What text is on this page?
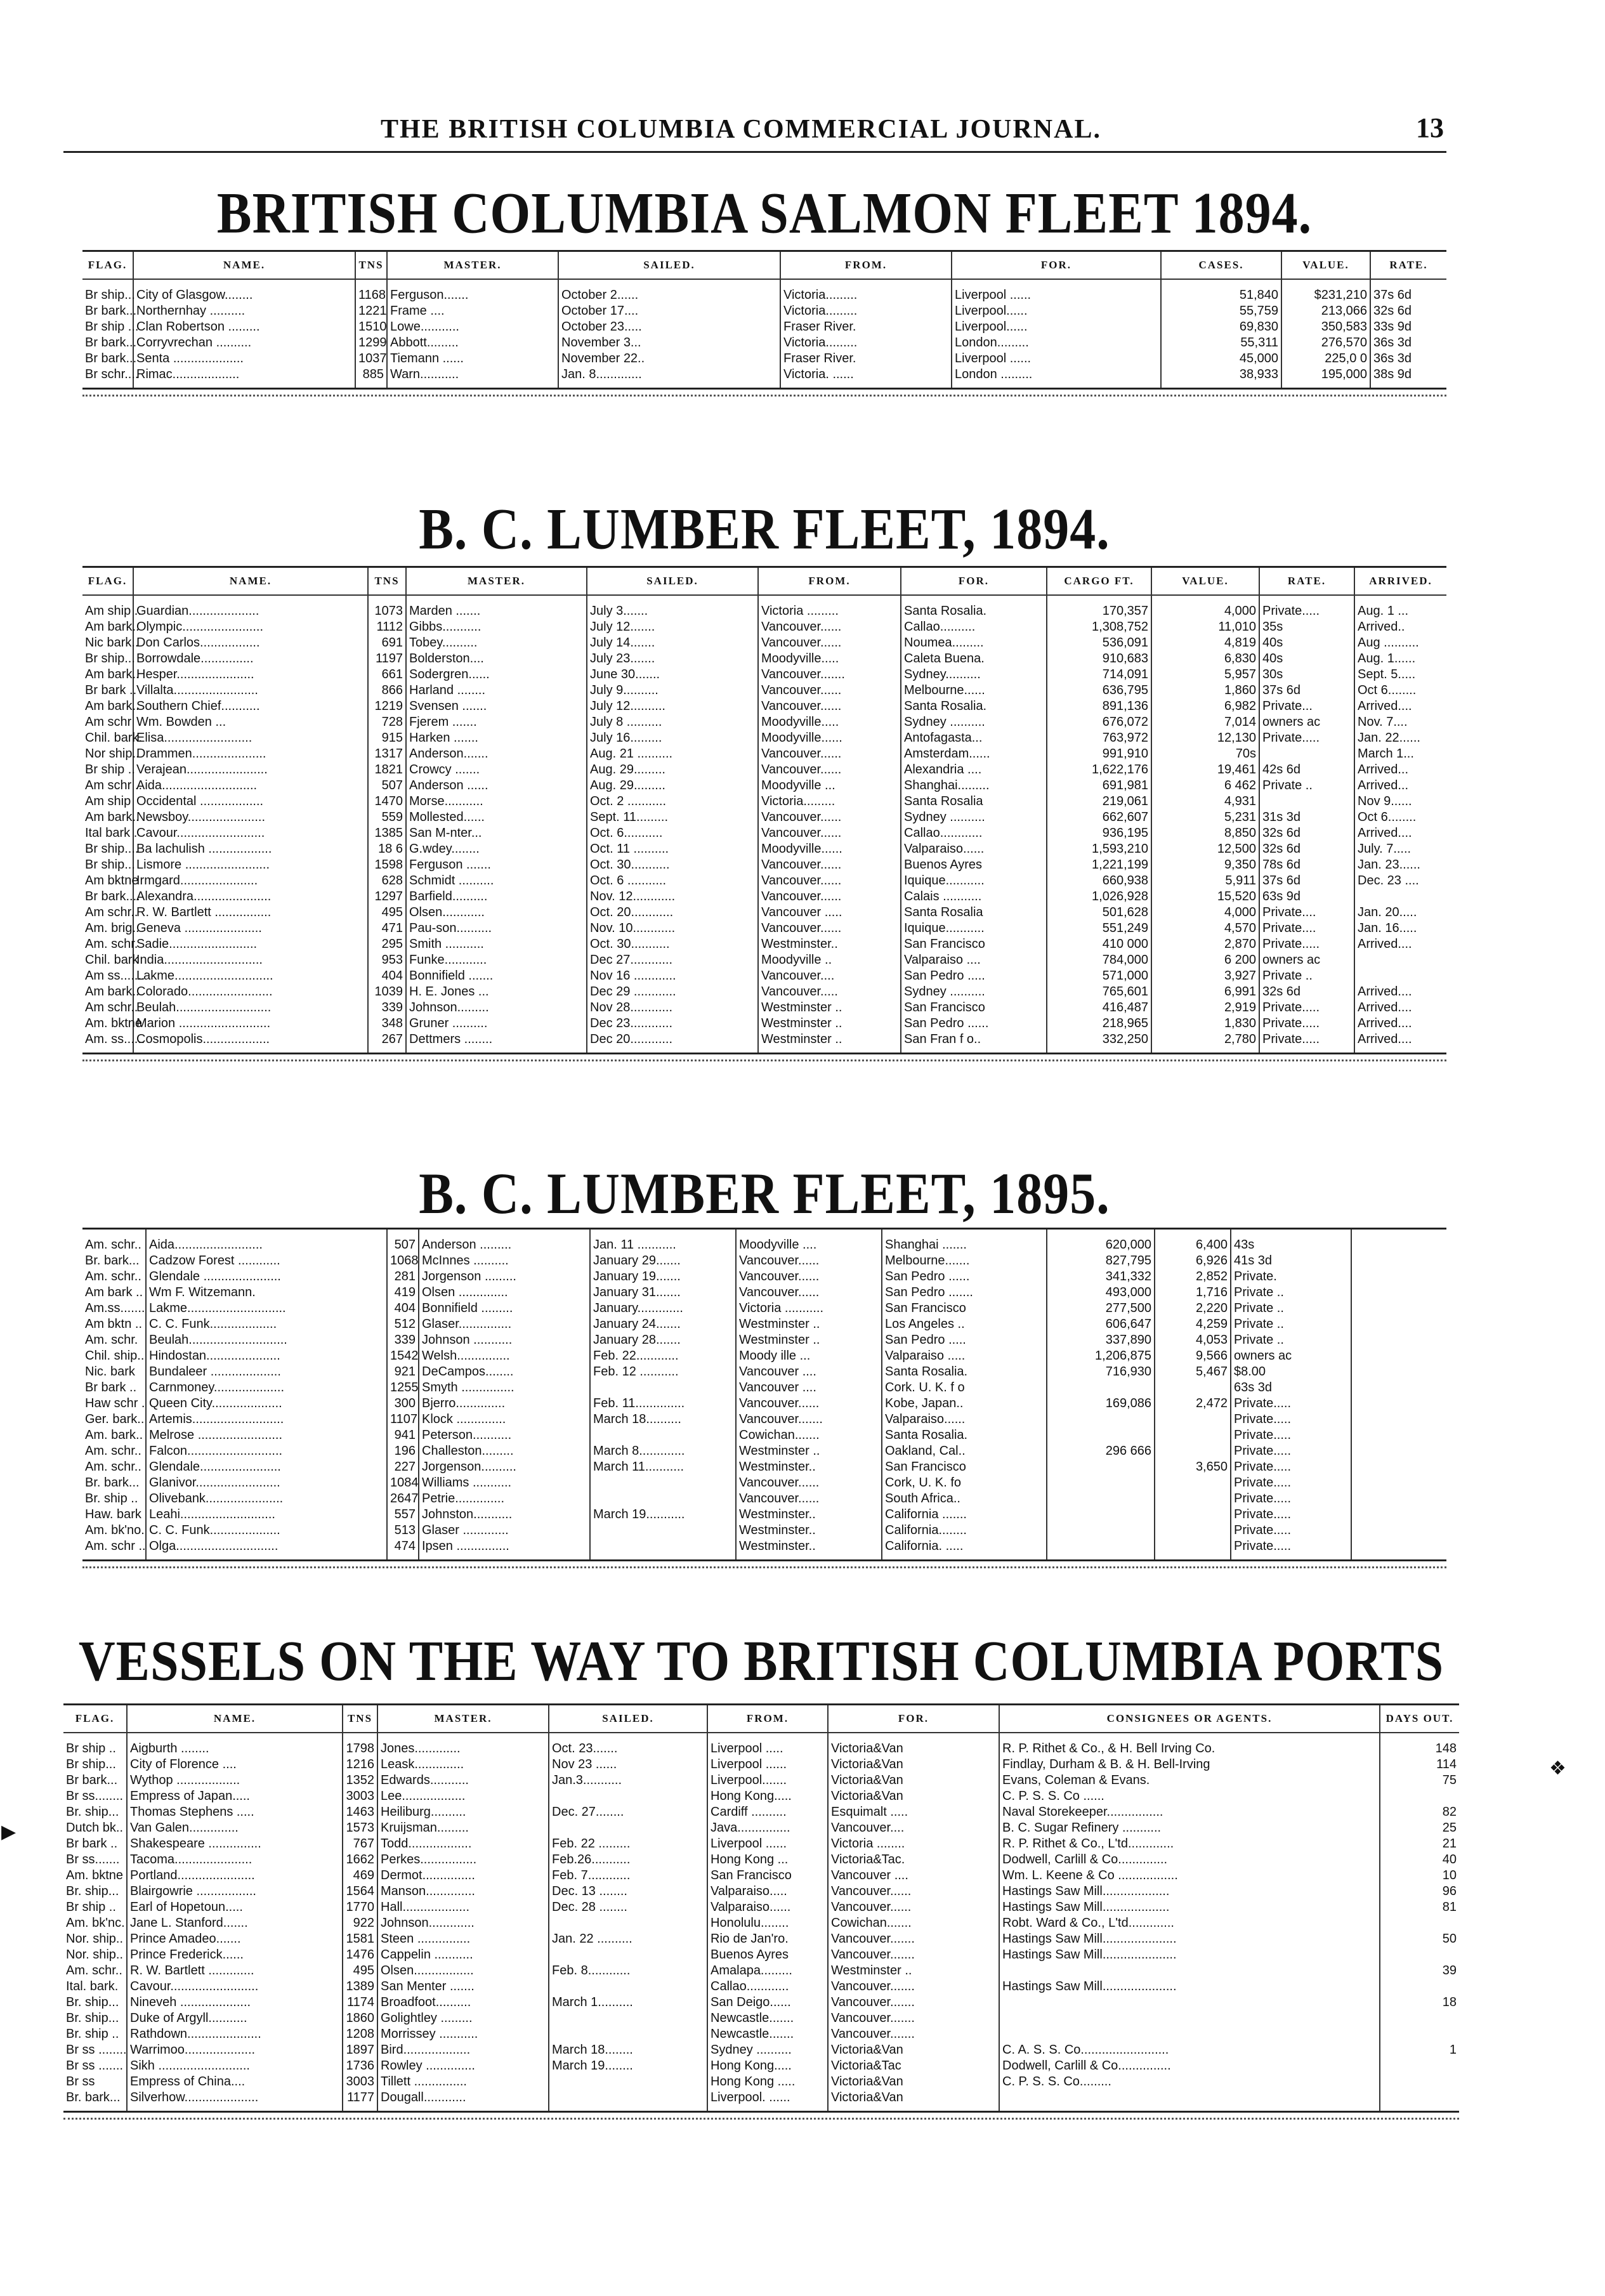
THE BRITISH COLUMBIA COMMERCIAL JOURNAL.	13
❖
▶
BRITISH COLUMBIA SALMON FLEET 1894.
FLAG.	NAME.	TNS	MASTER.	SAILED.	FROM.	FOR.	CASES.	VALUE.	RATE.
Br ship...	City of Glasgow........	1168	Ferguson.......	October 2......	Victoria.........	Liverpool ......	51,840	$231,210	37s 6d
Br bark...	Northernhay ..........	1221	Frame ....	October 17....	Victoria.........	Liverpool......	55,759	213,066	32s 6d
Br ship ...	Clan Robertson .........	1510	Lowe...........	October 23.....	Fraser River.	Liverpool......	69,830	350,583	33s 9d
Br bark...	Corryvrechan ..........	1299	Abbott.........	November 3...	Victoria.........	London.........	55,311	276,570	36s 3d
Br bark...	Senta ....................	1037	Tiemann ......	November 22..	Fraser River.	Liverpool ......	45,000	225,0 0	36s 3d
Br schr....	Rimac...................	885	Warn...........	Jan. 8.............	Victoria. ......	London .........	38,933	195,000	38s 9d
B. C. LUMBER FLEET, 1894.
FLAG.	NAME.	TNS	MASTER.	SAILED.	FROM.	FOR.	CARGO FT.	VALUE.	RATE.	ARRIVED.
Am ship ..	Guardian....................	1073	Marden .......	July 3.......	Victoria .........	Santa Rosalia.	170,357	4,000	Private.....	Aug. 1 ...
Am bark..	Olympic.......................	1112	Gibbs...........	July 12.......	Vancouver......	Callao..........	1,308,752	11,010	35s	Arrived..
Nic bark..	Don Carlos.................	691	Tobey..........	July 14.......	Vancouver......	Noumea.........	536,091	4,819	40s	Aug ..........
Br ship...	Borrowdale...............	1197	Bolderston....	July 23.......	Moodyville.....	Caleta Buena.	910,683	6,830	40s	Aug. 1......
Am bark..	Hesper......................	661	Sodergren......	June 30.......	Vancouver.......	Sydney..........	714,091	5,957	30s	Sept. 5.....
Br bark ..	Villalta........................	866	Harland ........	July 9..........	Vancouver......	Melbourne......	636,795	1,860	37s 6d	Oct 6........
Am bark..	Southern Chief...........	1219	Svensen .......	July 12..........	Vancouver......	Santa Rosalia.	891,136	6,982	Private...	Arrived....
Am schr	Wm. Bowden ...	728	Fjerem .......	July 8 ..........	Moodyville.....	Sydney ..........	676,072	7,014	owners ac	Nov. 7....
Chil. bark.	Elisa.........................	915	Harken .......	July 16.........	Moodyville......	Antofagasta...	763,972	12,130	Private.....	Jan. 22......
Nor ship..	Drammen.....................	1317	Anderson.......	Aug. 21 ..........	Vancouver......	Amsterdam......	991,910	70s		March 1...
Br ship ..	Verajean.......................	1821	Crowcy .......	Aug. 29.........	Vancouver......	Alexandria ....	1,622,176	19,461	42s 6d	Arrived...
Am schr ..	Aida...........................	507	Anderson ......	Aug. 29.........	Moodyville ...	Shanghai.........	691,981	6 462	Private ..	Arrived...
Am ship	Occidental ..................	1470	Morse...........	Oct. 2 ...........	Victoria.........	Santa Rosalia	219,061	4,931		Nov 9......
Am bark..	Newsboy......................	559	Mollested......	Sept. 11.........	Vancouver......	Sydney ..........	662,607	5,231	31s 3d	Oct 6........
Ital bark .	Cavour.........................	1385	San M-nter...	Oct. 6...........	Vancouver......	Callao............	936,195	8,850	32s 6d	Arrived....
Br ship....	Ba lachulish ..................	18 6	G.wdey........	Oct. 11 ..........	Moodyville......	Valparaiso......	1,593,210	12,500	32s 6d	July. 7.....
Br ship...	Lismore ........................	1598	Ferguson .......	Oct. 30...........	Vancouver......	Buenos Ayres	1,221,199	9,350	78s 6d	Jan. 23......
Am bktne	Irmgard......................	628	Schmidt ..........	Oct. 6 ...........	Vancouver......	Iquique...........	660,938	5,911	37s 6d	Dec. 23 ....
Br bark....	Alexandra......................	1297	Barfield..........	Nov. 12............	Vancouver......	Calais ...........	1,026,928	15,520	63s 9d	
Am schr..	R. W. Bartlett ................	495	Olsen............	Oct. 20............	Vancouver .....	Santa Rosalia	501,628	4,000	Private....	Jan. 20.....
Am. brig..	Geneva ......................	471	Pau-son..........	Nov. 10............	Vancouver......	Iquique...........	551,249	4,570	Private....	Jan. 16.....
Am. schr.	Sadie.........................	295	Smith ...........	Oct. 30...........	Westminster..	San Francisco	410 000	2,870	Private.....	Arrived....
Chil. bark	India............................	953	Funke............	Dec 27............	Moodyville ..	Valparaiso ....	784,000	6 200	owners ac	
Am ss.......	Lakme............................	404	Bonnifield .......	Nov 16 ............	Vancouver....	San Pedro .....	571,000	3,927	Private ..	
Am bark..	Colorado........................	1039	H. E. Jones ...	Dec 29 ............	Vancouver.....	Sydney ..........	765,601	6,991	32s 6d	Arrived....
Am schr..	Beulah...........................	339	Johnson.........	Nov 28............	Westminster ..	San Francisco	416,487	2,919	Private.....	Arrived....
Am. bktne	Marion ..........................	348	Gruner ..........	Dec 23............	Westminster ..	San Pedro ......	218,965	1,830	Private.....	Arrived....
Am. ss......	Cosmopolis...................	267	Dettmers ........	Dec 20............	Westminster ..	San Fran f o..	332,250	2,780	Private.....	Arrived....
B. C. LUMBER FLEET, 1895.
Am. schr..	Aida.........................	507	Anderson .........	Jan. 11 ...........	Moodyville ....	Shanghai .......	620,000	6,400	43s	
Br. bark...	Cadzow Forest ............	1068	McInnes ..........	January 29.......	Vancouver......	Melbourne.......	827,795	6,926	41s 3d	
Am. schr..	Glendale ......................	281	Jorgenson .........	January 19.......	Vancouver......	San Pedro ......	341,332	2,852	Private.	
Am bark ..	Wm F. Witzemann.	419	Olsen ..............	January 31.......	Vancouver......	San Pedro .......	493,000	1,716	Private ..	
Am.ss.......	Lakme............................	404	Bonnifield .........	January.............	Victoria ...........	San Francisco	277,500	2,220	Private ..	
Am bktn ..	C. C. Funk...................	512	Glaser...............	January 24.......	Westminster ..	Los Angeles ..	606,647	4,259	Private ..	
Am. schr.	Beulah............................	339	Johnson ...........	January 28.......	Westminster ..	San Pedro .....	337,890	4,053	Private ..	
Chil. ship..	Hindostan.....................	1542	Welsh...............	Feb. 22............	Moody ille ...	Valparaiso .....	1,206,875	9,566	owners ac	
Nic. bark	Bundaleer ....................	921	DeCampos........	Feb. 12 ...........	Vancouver ....	Santa Rosalia.	716,930	5,467	$8.00	
Br bark ..	Carnmoney....................	1255	Smyth ...............		Vancouver ....	Cork. U. K. f o			63s 3d	
Haw schr .	Queen City....................	300	Bjerro..............	Feb. 11..............	Vancouver......	Kobe, Japan..	169,086	2,472	Private.....	
Ger. bark..	Artemis..........................	1107	Klock ..............	March 18..........	Vancouver.......	Valparaiso......			Private.....	
Am. bark..	Melrose ........................	941	Peterson...........		Cowichan.......	Santa Rosalia.			Private.....	
Am. schr..	Falcon...........................	196	Challeston.........	March 8.............	Westminster ..	Oakland, Cal..	296 666		Private.....	
Am. schr..	Glendale.......................	227	Jorgenson..........	March 11...........	Westminster..	San Francisco		3,650	Private.....	
Br. bark...	Glanivor........................	1084	Williams ...........		Vancouver......	Cork, U. K. fo			Private.....	
Br. ship ..	Olivebank......................	2647	Petrie..............		Vancouver......	South Africa..			Private.....	
Haw. bark	Leahi...........................	557	Johnston...........	March 19...........	Westminster..	California .......			Private.....	
Am. bk'no.	C. C. Funk....................	513	Glaser .............		Westminster..	California........			Private.....	
Am. schr ..	Olga.............................	474	Ipsen ...............		Westminster..	California. .....			Private.....	
VESSELS ON THE WAY TO BRITISH COLUMBIA PORTS
FLAG.	NAME.	TNS	MASTER.	SAILED.	FROM.	FOR.	CONSIGNEES OR AGENTS.	DAYS OUT.
Br ship ..	Aigburth ........	1798	Jones.............	Oct. 23.......	Liverpool .....	Victoria&Van	R. P. Rithet & Co., & H. Bell Irving Co.	148
Br ship...	City of Florence ....	1216	Leask..............	Nov 23 ......	Liverpool ......	Victoria&Van	Findlay, Durham & B. & H. Bell-Irving	114
Br bark...	Wythop ..................	1352	Edwards...........	Jan.3...........	Liverpool.......	Victoria&Van	Evans, Coleman & Evans.	75
Br ss........	Empress of Japan.....	3003	Lee..................		Hong Kong.....	Victoria&Van	C. P. S. S. Co ......	
Br. ship...	Thomas Stephens .....	1463	Heiliburg..........	Dec. 27........	Cardiff ..........	Esquimalt .....	Naval Storekeeper................	82
Dutch bk..	Van Galen..............	1573	Kruijsman.........		Java...............	Vancouver....	B. C. Sugar Refinery ...........	25
Br bark ..	Shakespeare ...............	767	Todd..................	Feb. 22 .........	Liverpool ......	Victoria ........	R. P. Rithet & Co., L'td.............	21
Br ss.......	Tacoma......................	1662	Perkes................	Feb.26...........	Hong Kong ...	Victoria&Tac.	Dodwell, Carlill & Co..............	40
Am. bktne	Portland......................	469	Dermot...............	Feb. 7............	San Francisco	Vancouver ....	Wm. L. Keene & Co .................	10
Br. ship...	Blairgowrie .................	1564	Manson..............	Dec. 13 ........	Valparaiso.....	Vancouver......	Hastings Saw Mill...................	96
Br ship ..	Earl of Hopetoun.....	1770	Hall...................	Dec. 28 ........	Valparaiso......	Vancouver......	Hastings Saw Mill...................	81
Am. bk'nc.	Jane L. Stanford.......	922	Johnson.............		Honolulu........	Cowichan.......	Robt. Ward & Co., L'td.............	
Nor. ship..	Prince Amadeo.......	1581	Steen ...............	Jan. 22 ..........	Rio de Jan'ro.	Vancouver.......	Hastings Saw Mill.....................	50
Nor. ship..	Prince Frederick......	1476	Cappelin ...........		Buenos Ayres	Vancouver.......	Hastings Saw Mill.....................	
Am. schr..	R. W. Bartlett .............	495	Olsen.................	Feb. 8............	Amalapa.........	Westminster ..		39
Ital. bark.	Cavour.........................	1389	San Menter .......		Callao............	Vancouver.......	Hastings Saw Mill.....................	
Br. ship...	Nineveh ....................	1174	Broadfoot..........	March 1..........	San Deigo......	Vancouver.......		18
Br. ship...	Duke of Argyll...........	1860	Golightley .........		Newcastle.......	Vancouver.......		
Br. ship ..	Rathdown.....................	1208	Morrissey ...........		Newcastle.......	Vancouver.......		
Br ss ........	Warrimoo....................	1897	Bird...................	March 18........	Sydney ..........	Victoria&Van	C. A. S. S. Co.........................	1
Br ss .......	Sikh ..........................	1736	Rowley ..............	March 19........	Hong Kong.....	Victoria&Tac	Dodwell, Carlill & Co...............	
Br ss	Empress of China....	3003	Tillett ...............		Hong Kong .....	Victoria&Van	C. P. S. S. Co.........	
Br. bark...	Silverhow.....................	1177	Dougall............		Liverpool. ......	Victoria&Van		
